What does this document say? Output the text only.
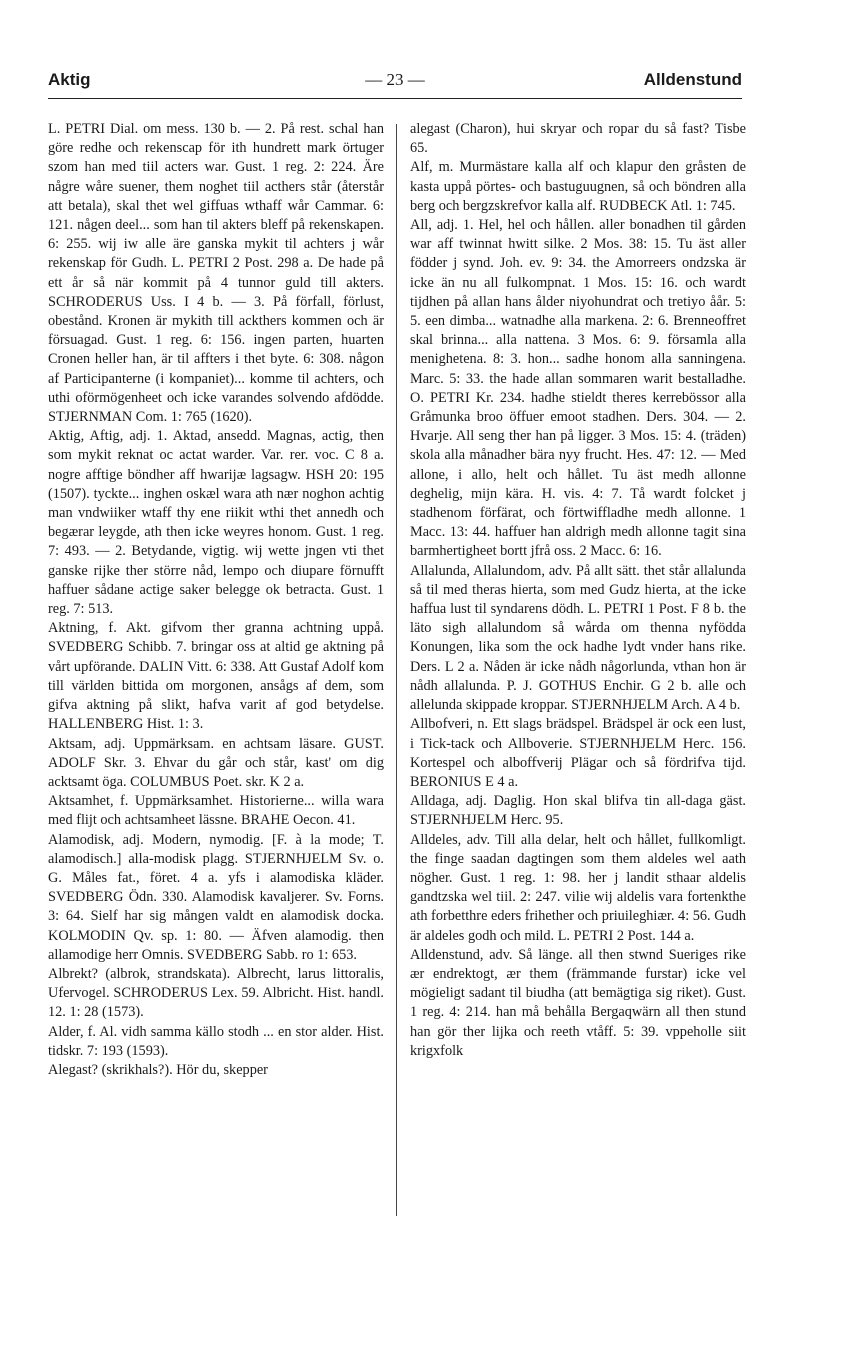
Aktig	— 23 —	Alldenstund

L. PETRI Dial. om mess. 130 b. — 2. På rest. schal han göre redhe och rekenscap för ith hundrett mark örtuger szom han med tiil acters war. Gust. 1 reg. 2: 224. Äre någre wåre suener, them noghet tiil acthers står (återstår att betala), skal thet wel giffuas wthaff wår Cammar. 6: 121. någen deel... som han til akters bleff på rekenskapen. 6: 255. wij iw alle äre ganska mykit til achters j wår rekenskap för Gudh. L. PETRI 2 Post. 298 a. De hade på ett år så när kommit på 4 tunnor guld till akters. SCHRODERUS Uss. I 4 b. — 3. På förfall, förlust, obestånd. Kronen är mykith till ackthers kommen och är försuagad. Gust. 1 reg. 6: 156. ingen parten, huarten Cronen heller han, är til affters i thet byte. 6: 308. någon af Participanterne (i kompaniet)... komme til achters, och uthi oförmögenheet och icke varandes solvendo afdödde. STJERNMAN Com. 1: 765 (1620).

Aktig, Aftig, adj. 1. Aktad, ansedd. Magnas, actig, then som mykit reknat oc actat warder. Var. rer. voc. C 8 a. nogre afftige böndher aff hwarijæ lagsagw. HSH 20: 195 (1507). tyckte... inghen oskæl wara ath nær noghon achtig man vndwiiker wtaff thy ene riikit wthi thet annedh och begærar leygde, ath then icke weyres honom. Gust. 1 reg. 7: 493. — 2. Betydande, vigtig. wij wette jngen vti thet ganske rijke ther större nåd, lempo och diupare förnufft haffuer sådane actige saker belegge ok betracta. Gust. 1 reg. 7: 513.

Aktning, f. Akt. gifvom ther granna achtning uppå. SVEDBERG Schibb. 7. bringar oss at altid ge aktning på vårt upförande. DALIN Vitt. 6: 338. Att Gustaf Adolf kom till världen bittida om morgonen, ansågs af dem, som gifva aktning på slikt, hafva varit af god betydelse. HALLENBERG Hist. 1: 3.

Aktsam, adj. Uppmärksam. en achtsam läsare. GUST. ADOLF Skr. 3. Ehvar du går och står, kast' om dig acktsamt öga. COLUMBUS Poet. skr. K 2 a.

Aktsamhet, f. Uppmärksamhet. Historierne... willa wara med flijt och achtsamheet lässne. BRAHE Oecon. 41.

Alamodisk, adj. Modern, nymodig. [F. à la mode; T. alamodisch.] alla-modisk plagg. STJERNHJELM Sv. o. G. Måles fat., föret. 4 a. yfs i alamodiska kläder. SVEDBERG Ödn. 330. Alamodisk kavaljerer. Sv. Forns. 3: 64. Sielf har sig mången valdt en alamodisk docka. KOLMODIN Qv. sp. 1: 80. — Äfven alamodig. then allamodige herr Omnis. SVEDBERG Sabb. ro 1: 653.

Albrekt? (albrok, strandskata). Albrecht, larus littoralis, Ufervogel. SCHRODERUS Lex. 59. Albricht. Hist. handl. 12. 1: 28 (1573).

Alder, f. Al. vidh samma källo stodh ... en stor alder. Hist. tidskr. 7: 193 (1593).

Alegast? (skrikhals?). Hör du, skepper

alegast (Charon), hui skryar och ropar du så fast? Tisbe 65.

Alf, m. Murmästare kalla alf och klapur den gråsten de kasta uppå pörtes- och bastuguugnen, så och böndren alla berg och bergzskrefvor kalla alf. RUDBECK Atl. 1: 745.

All, adj. 1. Hel, hel och hållen. aller bonadhen til gården war aff twinnat hwitt silke. 2 Mos. 38: 15. Tu äst aller födder j synd. Joh. ev. 9: 34. the Amorreers ondzska är icke än nu all fulkompnat. 1 Mos. 15: 16. och wardt tijdhen på allan hans ålder niyohundrat och tretiyo åår. 5: 5. een dimba... watnadhe alla markena. 2: 6. Brenneoffret skal brinna... alla nattena. 3 Mos. 6: 9. församla alla menighetena. 8: 3. hon... sadhe honom alla sanningena. Marc. 5: 33. the hade allan sommaren warit bestalladhe. O. PETRI Kr. 234. hadhe stieldt theres kerrebössor alla Gråmunka broo öffuer emoot stadhen. Ders. 304. — 2. Hvarje. All seng ther han på ligger. 3 Mos. 15: 4. (träden) skola alla månadher bära nyy frucht. Hes. 47: 12. — Med allone, i allo, helt och hållet. Tu äst medh allonne deghelig, mijn kära. H. vis. 4: 7. Tå wardt folcket j stadhenom förfärat, och förtwiffladhe medh allonne. 1 Macc. 13: 44. haffuer han aldrigh medh allonne tagit sina barmhertigheet bortt jfrå oss. 2 Macc. 6: 16.

Allalunda, Allalundom, adv. På allt sätt. thet står allalunda så til med theras hierta, som med Gudz hierta, at the icke haffua lust til syndarens dödh. L. PETRI 1 Post. F 8 b. the läto sigh allalundom så wårda om thenna nyföddа Konungen, lika som the ock hadhe lydt vnder hans rike. Ders. L 2 a. Nåden är icke nådh någorlunda, vthan hon är nådh allalunda. P. J. GOTHUS Enchir. G 2 b. alle och allelunda skippade kroppar. STJERNHJELM Arch. A 4 b.

Allbofveri, n. Ett slags brädspel. Brädspel är ock een lust, i Tick-tack och Allboverie. STJERNHJELM Herc. 156. Kortespel och alboffverij Plägar och så fördrifva tijd. BERONIUS E 4 a.

Alldaga, adj. Daglig. Hon skal blifva tin all-daga gäst. STJERNHJELM Herc. 95.

Alldeles, adv. Till alla delar, helt och hållet, fullkomligt. the finge saadan dagtingen som them aldeles wel aath nögher. Gust. 1 reg. 1: 98. her j landit sthaar aldelis gandtzska wel tiil. 2: 247. vilie wij aldelis vara fortenkthe ath forbetthre eders frihether och priuileghiær. 4: 56. Gudh är aldeles godh och mild. L. PETRI 2 Post. 144 a.

Alldenstund, adv. Så länge. all then stwnd Sueriges rike ær endrektogt, ær them (främmande furstar) icke vel mögieligt sadant til biudha (att bemägtiga sig riket). Gust. 1 reg. 4: 214. han må behålla Bergaqwärn all then stund han gör ther lijka och reeth vtåff. 5: 39. vppeholle siit krigxfolk
